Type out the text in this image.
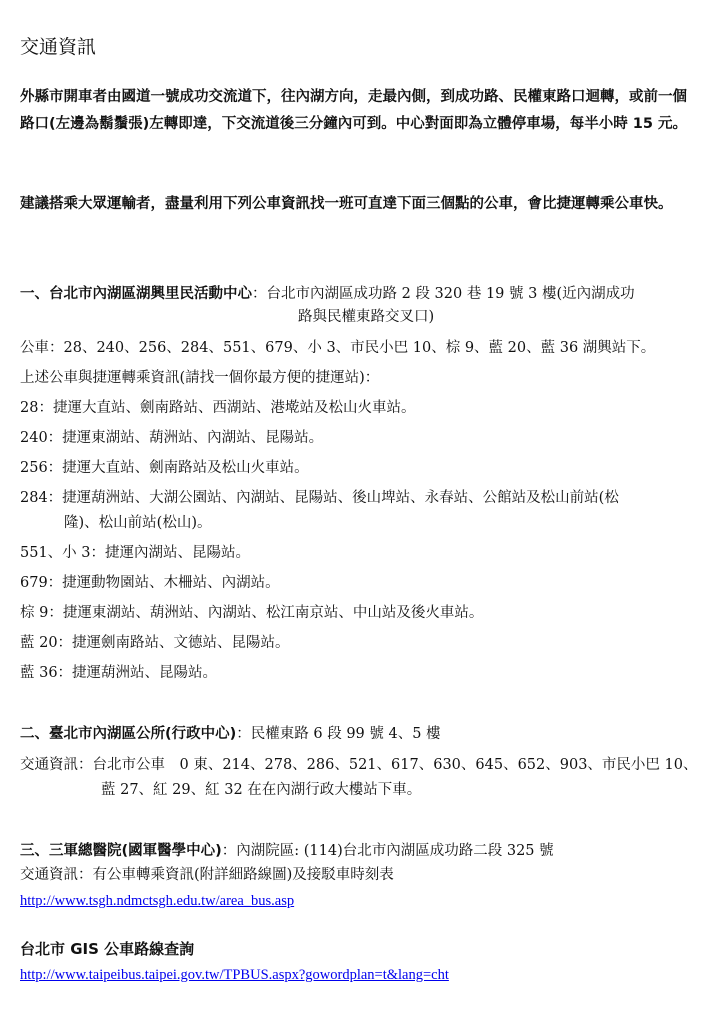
交通資訊
外縣市開車者由國道一號成功交流道下，往內湖方向，走最內側，到成功路、民權東路口迴轉，或前一個路口(左邊為鬍鬚張)左轉即達，下交流道後三分鐘內可到。中心對面即為立體停車場，每半小時 15 元。
建議搭乘大眾運輸者，盡量利用下列公車資訊找一班可直達下面三個點的公車，會比捷運轉乘公車快。
一、台北市內湖區湖興里民活動中心：台北市內湖區成功路 2 段 320 巷 19 號 3 樓(近內湖成功
路與民權東路交叉口)
公車：28、240、256、284、551、679、小 3、市民小巴 10、棕 9、藍 20、藍 36 湖興站下。
上述公車與捷運轉乘資訊(請找一個你最方便的捷運站)：
28：捷運大直站、劍南路站、西湖站、港墘站及松山火車站。
240：捷運東湖站、葫洲站、內湖站、昆陽站。
256：捷運大直站、劍南路站及松山火車站。
284：捷運葫洲站、大湖公園站、內湖站、昆陽站、後山埤站、永春站、公館站及松山前站(松
隆)、松山前站(松山)。
551、小 3：捷運內湖站、昆陽站。
679：捷運動物園站、木柵站、內湖站。
棕 9：捷運東湖站、葫洲站、內湖站、松江南京站、中山站及後火車站。
藍 20：捷運劍南路站、文德站、昆陽站。
藍 36：捷運葫洲站、昆陽站。
二、臺北市內湖區公所(行政中心)：民權東路 6 段 99 號 4、5 樓
交通資訊：台北市公車　0 東、214、278、286、521、617、630、645、652、903、市民小巴 10、
藍 27、紅 29、紅 32 在在內湖行政大樓站下車。
三、三軍總醫院(國軍醫學中心)：內湖院區: (114)台北市內湖區成功路二段 325 號
交通資訊：有公車轉乘資訊(附詳細路線圖)及接駁車時刻表
http://www.tsgh.ndmctsgh.edu.tw/area_bus.asp
台北市 GIS 公車路線查詢
http://www.taipeibus.taipei.gov.tw/TPBUS.aspx?gowordplan=t&lang=cht
